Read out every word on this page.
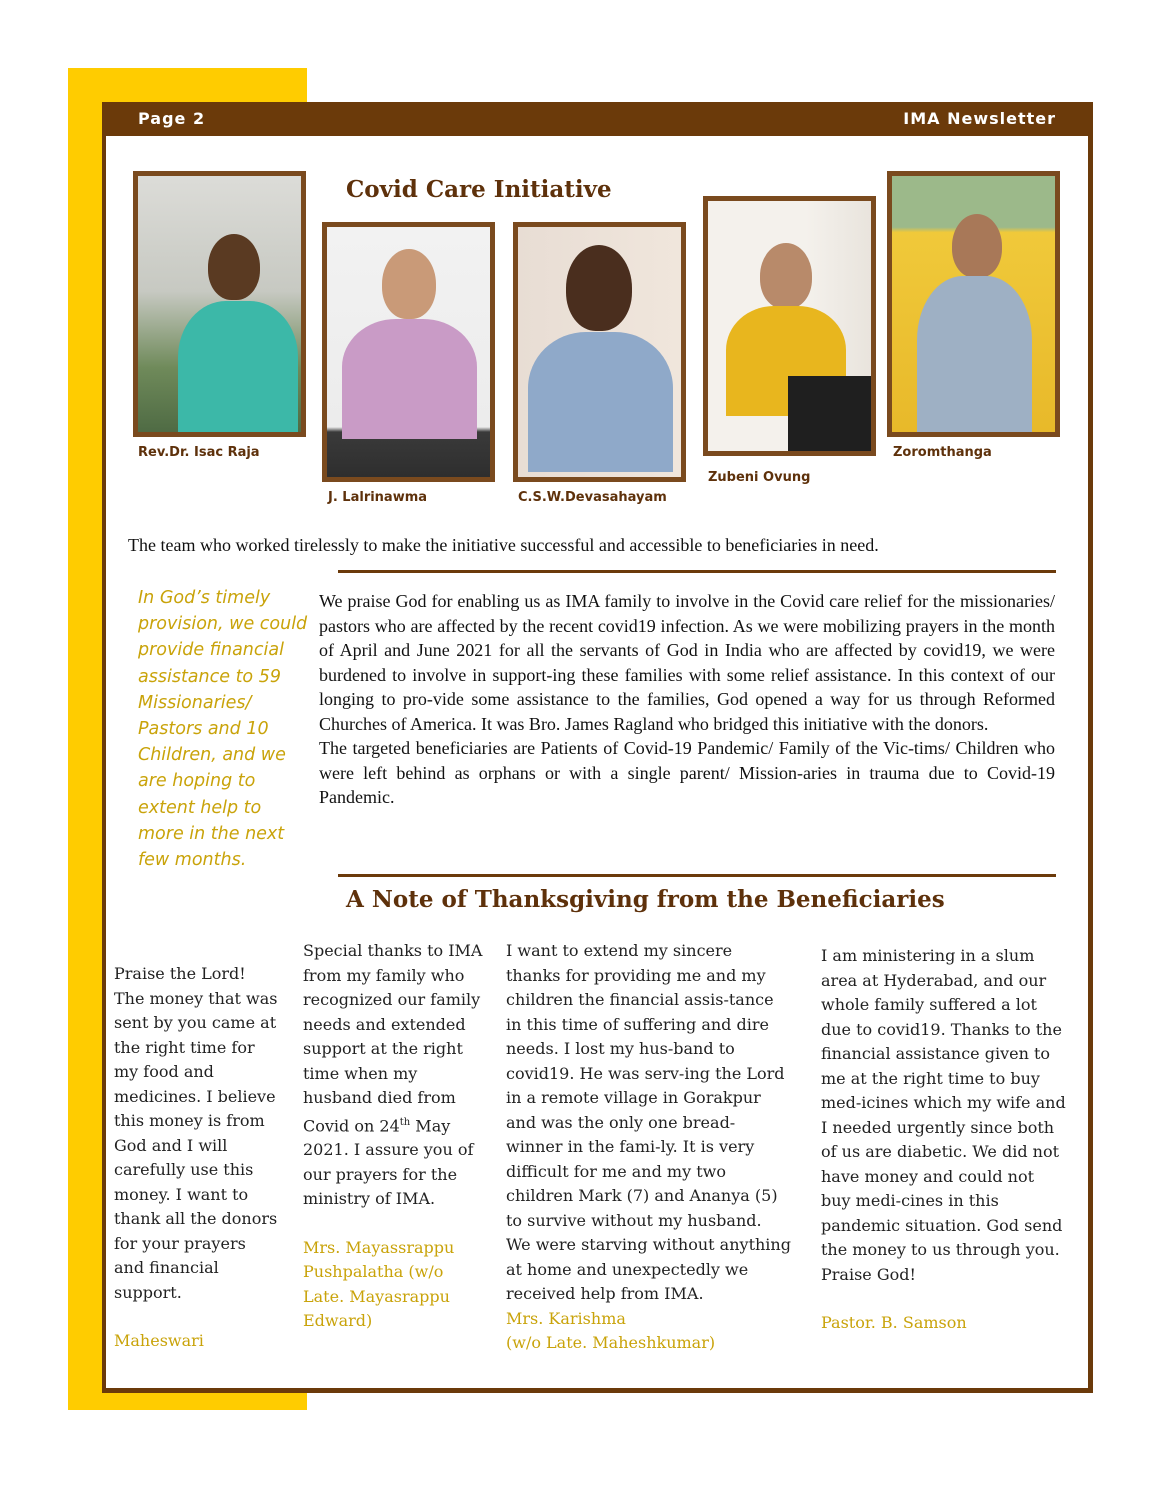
Page 2	IMA Newsletter
Covid Care Initiative
Rev.Dr. Isac Raja
J. Lalrinawma	C.S.W.Devasahayam
Zubeni Ovung
Zoromthanga
The team who worked tirelessly to make the initiative successful and accessible to beneficiaries in need.
In God’s timely provision, we could provide financial assistance to 59 Missionaries/ Pastors and 10 Children, and we are hoping to extent help to more in the next few months.

We praise God for enabling us as IMA family to involve in the Covid care relief for the missionaries/ pastors who are affected by the recent covid19 infection. As we were mobilizing prayers in the month of April and June 2021 for all the servants of God in India who are affected by covid19, we were burdened to involve in support-ing these families with some relief assistance. In this context of our longing to pro-vide some assistance to the families, God opened a way for us through Reformed Churches of America. It was Bro. James Ragland who bridged this initiative with the donors.

The targeted beneficiaries are Patients of Covid-19 Pandemic/ Family of the Vic-tims/ Children who were left behind as orphans or with a single parent/ Mission-aries in trauma due to Covid-19 Pandemic.

A Note of Thanksgiving from the Beneficiaries

Praise the Lord! The money that was sent by you came at the right time for my food and medicines. I believe this money is from God and I will carefully use this money. I want to thank all the donors for your prayers and financial support.

Maheswari

Special thanks to IMA from my family who recognized our family needs and extended support at the right time when my husband died from Covid on 24th May 2021. I assure you of our prayers for the ministry of IMA.

Mrs. Mayassrappu Pushpalatha (w/o Late. Mayasrappu Edward)

I want to extend my sincere thanks for providing me and my children the financial assis-tance in this time of suffering and dire needs. I lost my hus-band to covid19. He was serv-ing the Lord in a remote village in Gorakpur and was the only one bread-winner in the fami-ly. It is very difficult for me and my two children Mark (7) and Ananya (5) to survive without my husband. We were starving without anything at home and unexpectedly we received help from IMA.

Mrs. Karishma

(w/o Late. Maheshkumar)

I am ministering in a slum area at Hyderabad, and our whole family suffered a lot due to covid19. Thanks to the financial assistance given to me at the right time to buy med-icines which my wife and I needed urgently since both of us are diabetic. We did not have money and could not buy medi-cines in this pandemic situation. God send the money to us through you. Praise God!

Pastor. B. Samson
